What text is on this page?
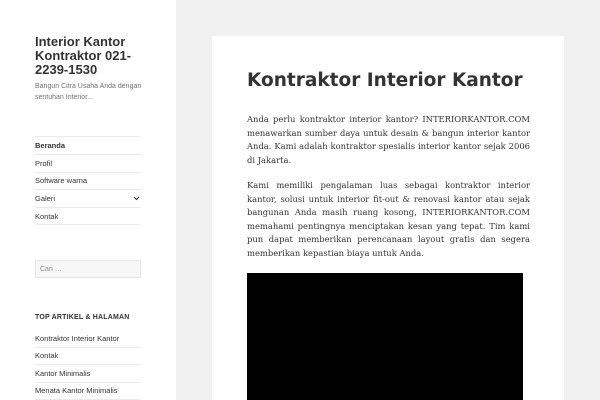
Interior Kantor Kontraktor 021-2239-1530
Bangun Citra Usaha Anda dengan sentuhan Interior...
Beranda
Profil
Software warna
Galeri
Kontak
Cari …
TOP ARTIKEL & HALAMAN
Kontraktor Interior Kantor
Kontak
Kantor Minimalis
Menata Kantor Minimalis
Kontraktor Interior Kantor

Anda perlu kontraktor interior kantor? INTERIORKANTOR.COM menawarkan sumber daya untuk desain & bangun interior kantor Anda. Kami adalah kontraktor spesialis interior kantor sejak 2006 di Jakarta.

Kami memiliki pengalaman luas sebagai kontraktor interior kantor, solusi untuk interior fit-out & renovasi kantor atau sejak bangunan Anda masih ruang kosong, INTERIORKANTOR.COM memahami pentingnya menciptakan kesan yang tepat. Tim kami pun dapat memberikan perencanaan layout gratis dan segera memberikan kepastian biaya untuk Anda.
